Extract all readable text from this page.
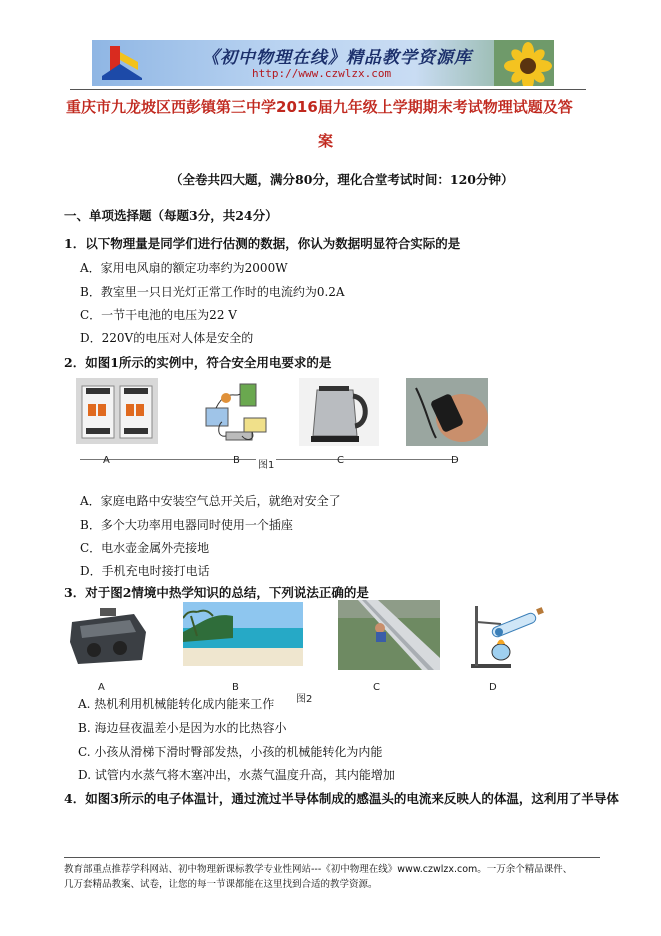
《初中物理在线》精品教学资源库
http://www.czwlzx.com
重庆市九龙坡区西彭镇第三中学2016届九年级上学期期末考试物理试题及答
案
（全卷共四大题，满分80分，理化合堂考试时间：120分钟）
一、单项选择题（每题3分，共24分）
1．以下物理量是同学们进行估测的数据，你认为数据明显符合实际的是
A．家用电风扇的额定功率约为2000W
B．教室里一只日光灯正常工作时的电流约为0.2A
C．一节干电池的电压为22 V
D．220V的电压对人体是安全的
2．如图1所示的实例中，符合安全用电要求的是
A	B 图1	C	D
A．家庭电路中安装空气总开关后，就绝对安全了
B．多个大功率用电器同时使用一个插座
C．电水壶金属外壳接地
D．手机充电时接打电话
3．对于图2情境中热学知识的总结，下列说法正确的是
A	B
图2
C	D
A. 热机利用机械能转化成内能来工作
B. 海边昼夜温差小是因为水的比热容小
C. 小孩从滑梯下滑时臀部发热，小孩的机械能转化为内能
D. 试管内水蒸气将木塞冲出，水蒸气温度升高，其内能增加
4．如图3所示的电子体温计，通过流过半导体制成的感温头的电流来反映人的体温，这利用了半导体
教育部重点推荐学科网站、初中物理新课标教学专业性网站---《初中物理在线》www.czwlzx.com。一万余个精品课件、
几万套精品教案、试卷，让您的每一节课都能在这里找到合适的教学资源。
